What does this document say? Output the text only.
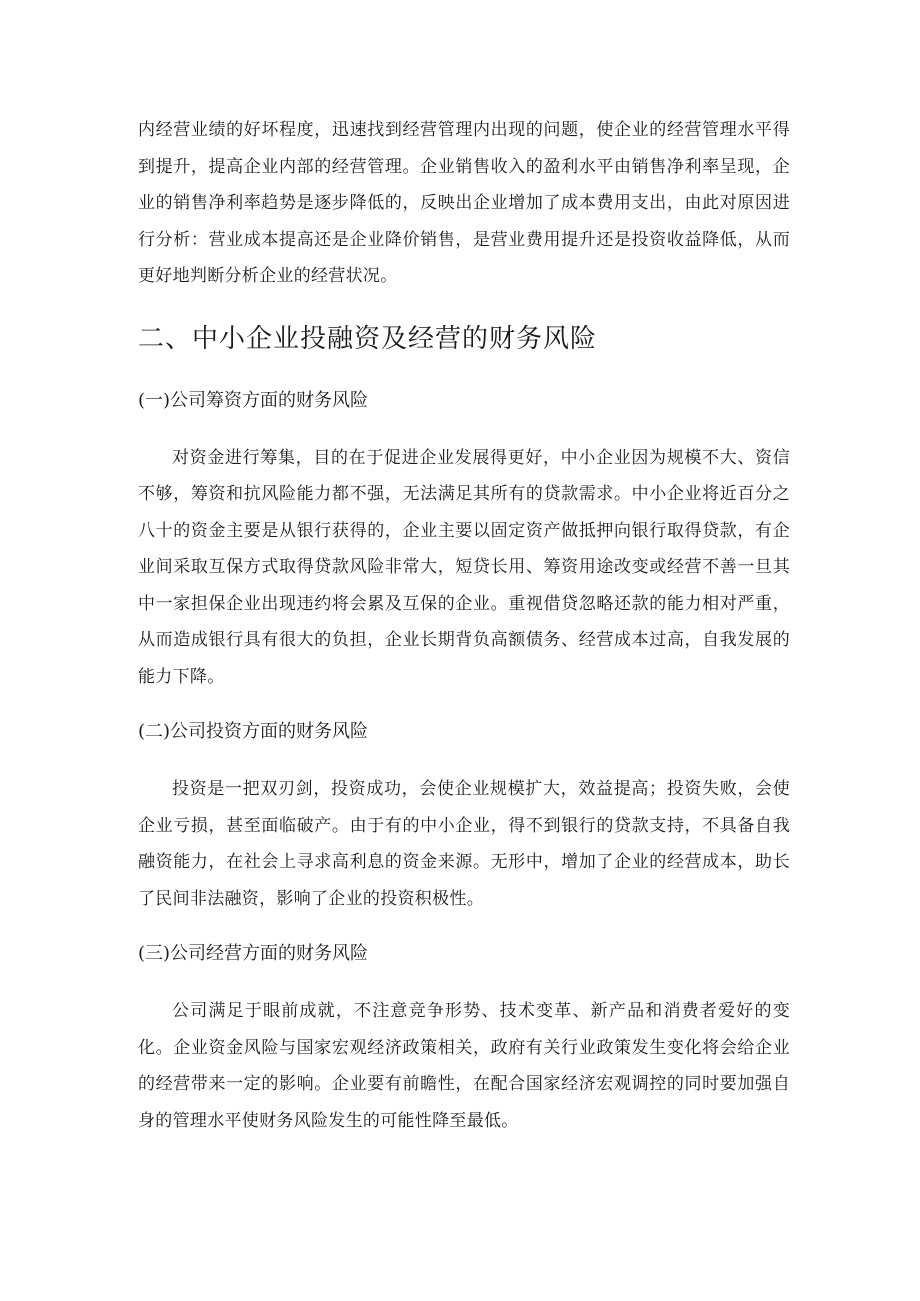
内经营业绩的好坏程度，迅速找到经营管理内出现的问题，使企业的经营管理水平得到提升，提高企业内部的经营管理。企业销售收入的盈利水平由销售净利率呈现，企业的销售净利率趋势是逐步降低的，反映出企业增加了成本费用支出，由此对原因进行分析：营业成本提高还是企业降价销售，是营业费用提升还是投资收益降低，从而更好地判断分析企业的经营状况。

二、中小企业投融资及经营的财务风险
(一)公司筹资方面的财务风险

对资金进行筹集，目的在于促进企业发展得更好，中小企业因为规模不大、资信不够，筹资和抗风险能力都不强，无法满足其所有的贷款需求。中小企业将近百分之八十的资金主要是从银行获得的，企业主要以固定资产做抵押向银行取得贷款，有企业间采取互保方式取得贷款风险非常大，短贷长用、筹资用途改变或经营不善一旦其中一家担保企业出现违约将会累及互保的企业。重视借贷忽略还款的能力相对严重，从而造成银行具有很大的负担，企业长期背负高额债务、经营成本过高，自我发展的能力下降。

(二)公司投资方面的财务风险

投资是一把双刃剑，投资成功，会使企业规模扩大，效益提高；投资失败，会使企业亏损，甚至面临破产。由于有的中小企业，得不到银行的贷款支持，不具备自我融资能力，在社会上寻求高利息的资金来源。无形中，增加了企业的经营成本，助长了民间非法融资，影响了企业的投资积极性。

(三)公司经营方面的财务风险

公司满足于眼前成就，不注意竞争形势、技术变革、新产品和消费者爱好的变化。企业资金风险与国家宏观经济政策相关，政府有关行业政策发生变化将会给企业的经营带来一定的影响。企业要有前瞻性，在配合国家经济宏观调控的同时要加强自身的管理水平使财务风险发生的可能性降至最低。
